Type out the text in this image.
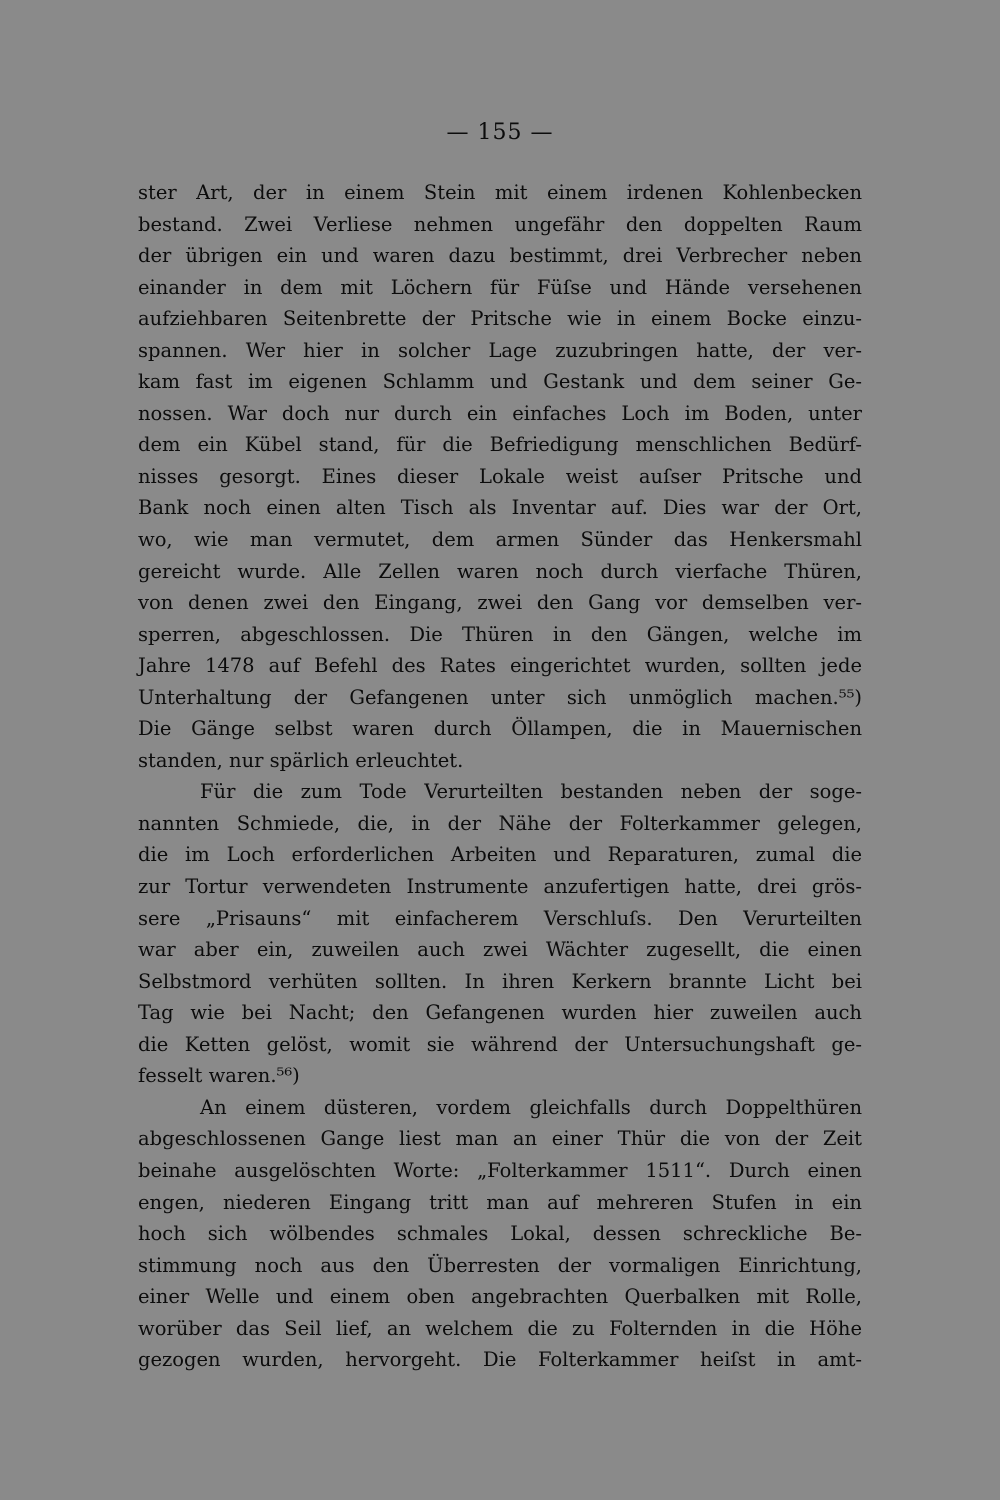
— 155 —
ster Art, der in einem Stein mit einem irdenen Kohlenbecken
bestand. Zwei Verliese nehmen ungefähr den doppelten Raum
der übrigen ein und waren dazu bestimmt, drei Verbrecher neben
einander in dem mit Löchern für Füſse und Hände versehenen
aufziehbaren Seitenbrette der Pritsche wie in einem Bocke einzu-
spannen. Wer hier in solcher Lage zuzubringen hatte, der ver-
kam fast im eigenen Schlamm und Gestank und dem seiner Ge-
nossen. War doch nur durch ein einfaches Loch im Boden, unter
dem ein Kübel stand, für die Befriedigung menschlichen Bedürf-
nisses gesorgt. Eines dieser Lokale weist auſser Pritsche und
Bank noch einen alten Tisch als Inventar auf. Dies war der Ort,
wo, wie man vermutet, dem armen Sünder das Henkersmahl
gereicht wurde. Alle Zellen waren noch durch vierfache Thüren,
von denen zwei den Eingang, zwei den Gang vor demselben ver-
sperren, abgeschlossen. Die Thüren in den Gängen, welche im
Jahre 1478 auf Befehl des Rates eingerichtet wurden, sollten jede
Unterhaltung der Gefangenen unter sich unmöglich machen.⁵⁵)
Die Gänge selbst waren durch Öllampen, die in Mauernischen
standen, nur spärlich erleuchtet.
Für die zum Tode Verurteilten bestanden neben der soge-
nannten Schmiede, die, in der Nähe der Folterkammer gelegen,
die im Loch erforderlichen Arbeiten und Reparaturen, zumal die
zur Tortur verwendeten Instrumente anzufertigen hatte, drei grös-
sere „Prisauns“ mit einfacherem Verschluſs. Den Verurteilten
war aber ein, zuweilen auch zwei Wächter zugesellt, die einen
Selbstmord verhüten sollten. In ihren Kerkern brannte Licht bei
Tag wie bei Nacht; den Gefangenen wurden hier zuweilen auch
die Ketten gelöst, womit sie während der Untersuchungshaft ge-
fesselt waren.⁵⁶)
An einem düsteren, vordem gleichfalls durch Doppelthüren
abgeschlossenen Gange liest man an einer Thür die von der Zeit
beinahe ausgelöschten Worte: „Folterkammer 1511“. Durch einen
engen, niederen Eingang tritt man auf mehreren Stufen in ein
hoch sich wölbendes schmales Lokal, dessen schreckliche Be-
stimmung noch aus den Überresten der vormaligen Einrichtung,
einer Welle und einem oben angebrachten Querbalken mit Rolle,
worüber das Seil lief, an welchem die zu Folternden in die Höhe
gezogen wurden, hervorgeht. Die Folterkammer heiſst in amt-
